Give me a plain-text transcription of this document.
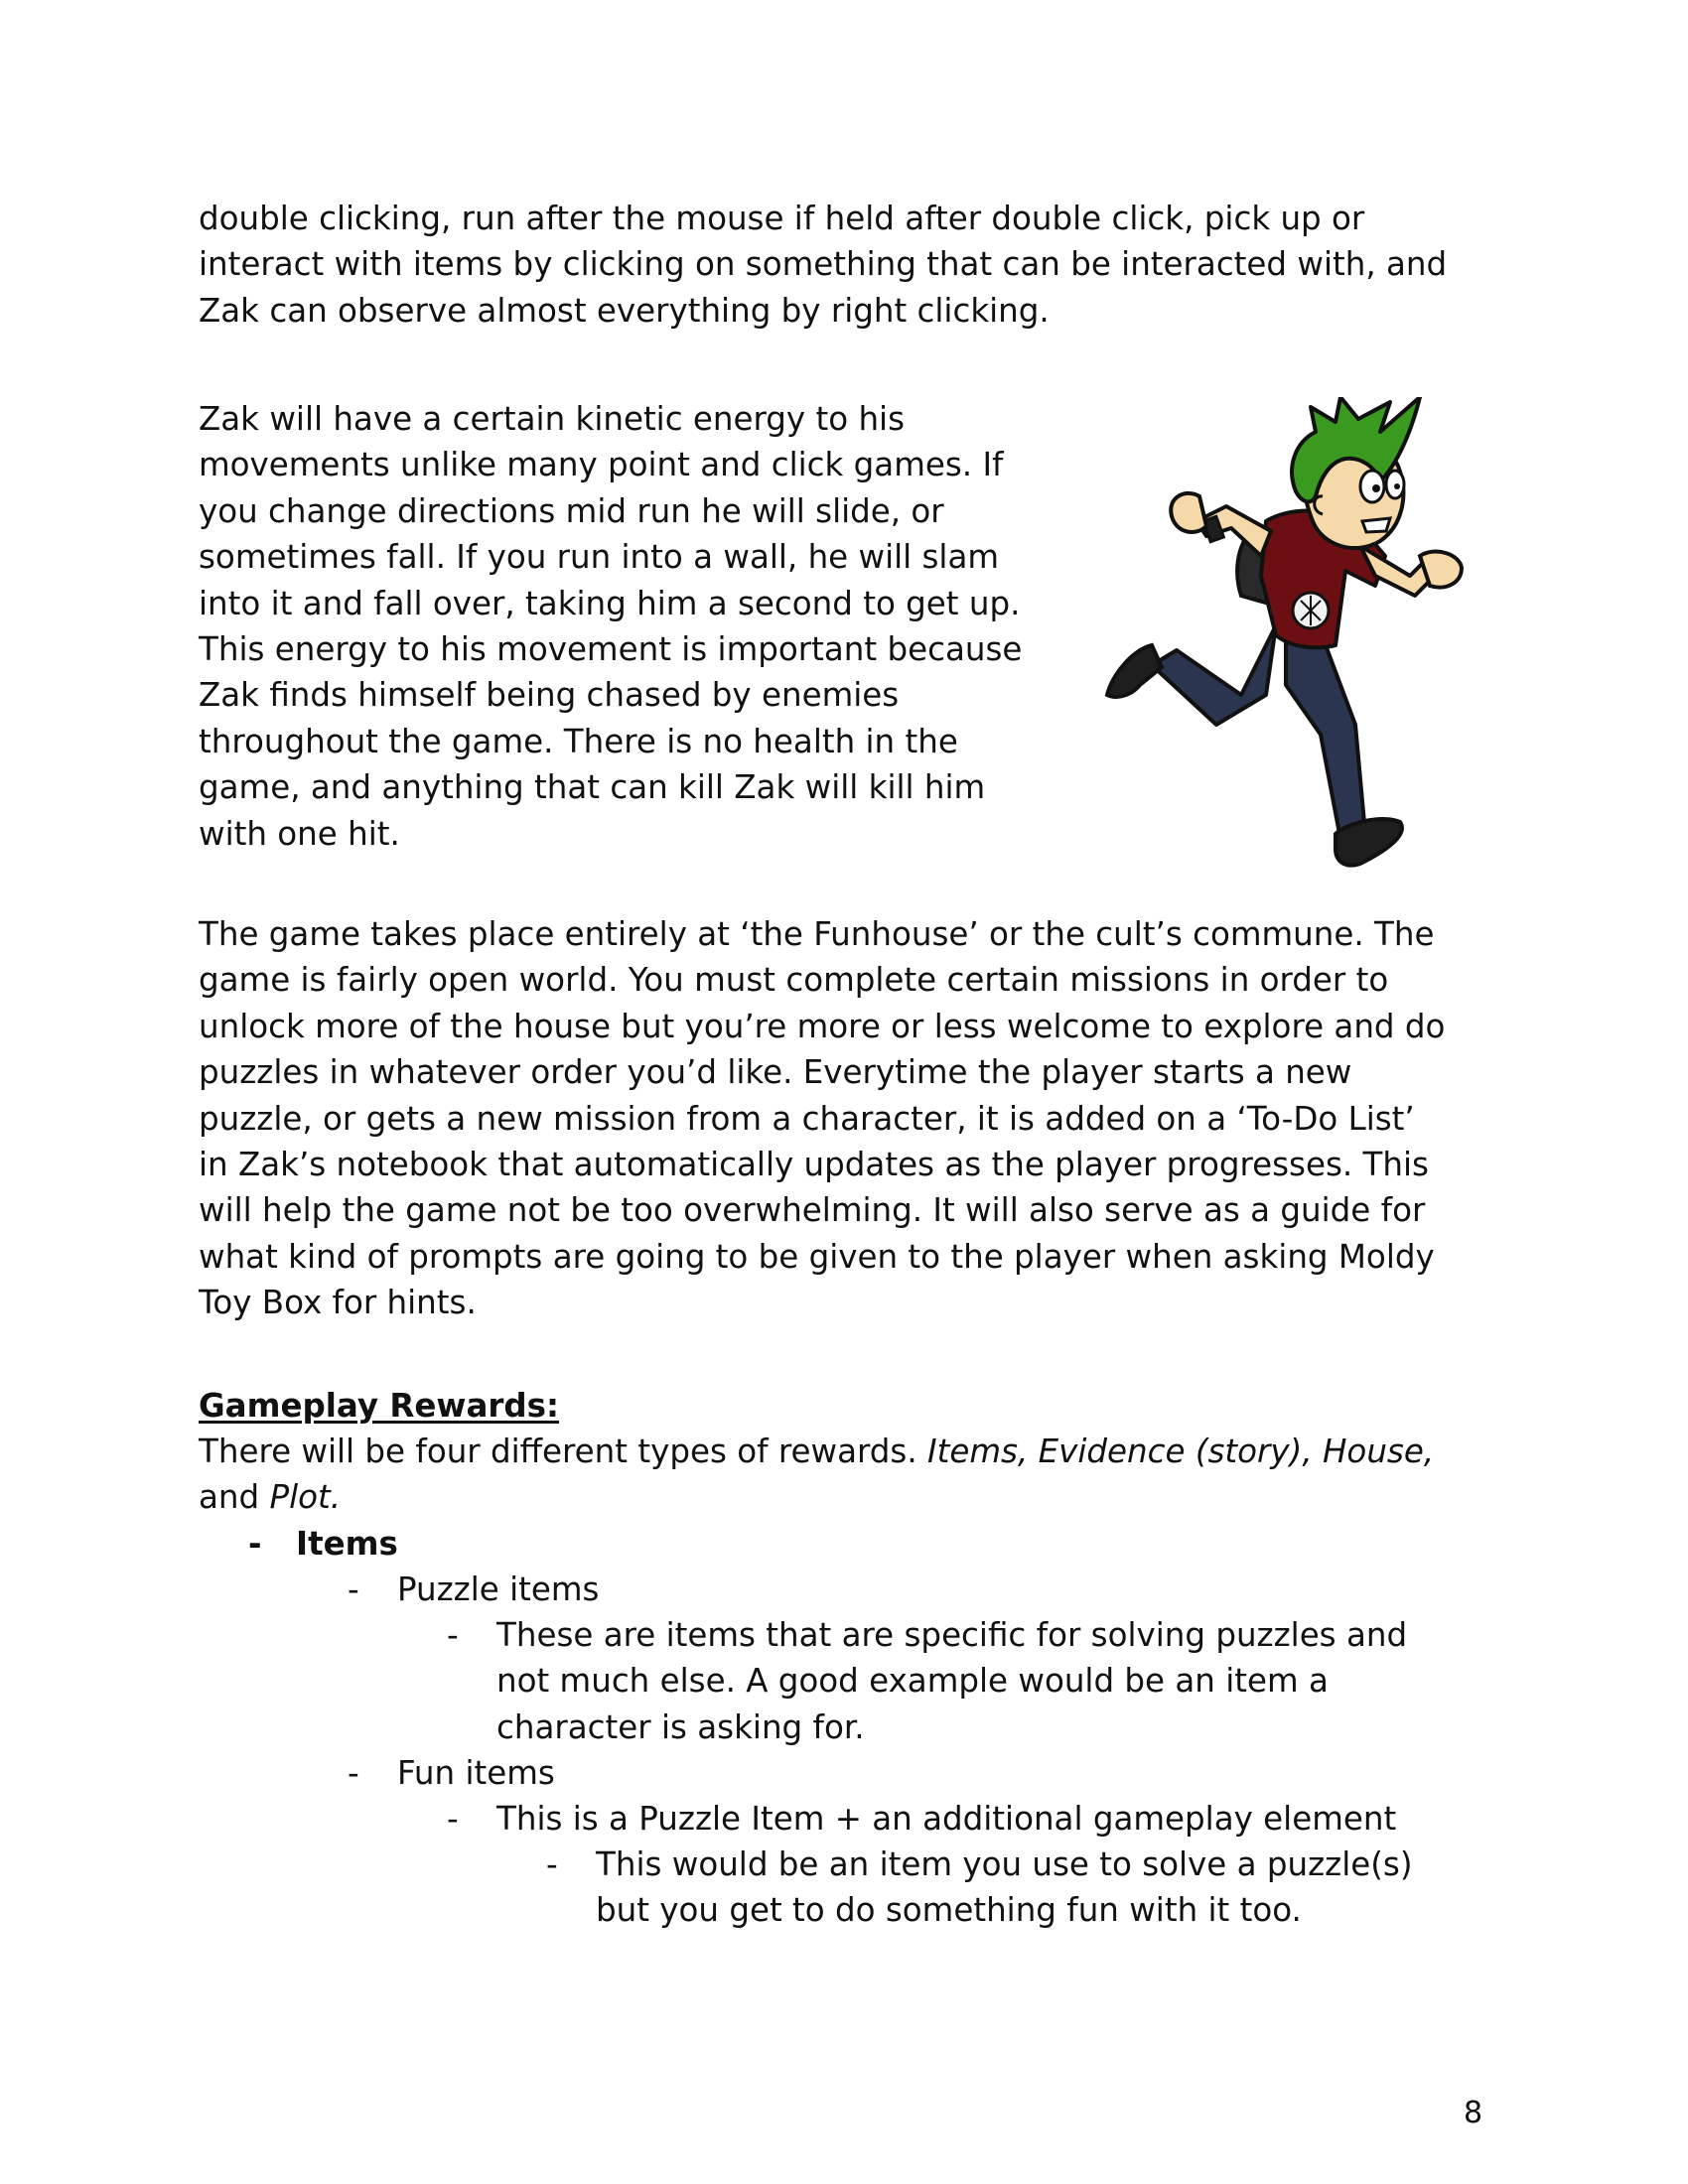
double clicking, run after the mouse if held after double click, pick up or
interact with items by clicking on something that can be interacted with, and
Zak can observe almost everything by right clicking.
Zak will have a certain kinetic energy to his
movements unlike many point and click games. If
you change directions mid run he will slide, or
sometimes fall. If you run into a wall, he will slam
into it and fall over, taking him a second to get up.
This energy to his movement is important because
Zak finds himself being chased by enemies
throughout the game. There is no health in the
game, and anything that can kill Zak will kill him
with one hit.
The game takes place entirely at ‘the Funhouse’ or the cult’s commune. The
game is fairly open world. You must complete certain missions in order to
unlock more of the house but you’re more or less welcome to explore and do
puzzles in whatever order you’d like. Everytime the player starts a new
puzzle, or gets a new mission from a character, it is added on a ‘To-Do List’
in Zak’s notebook that automatically updates as the player progresses. This
will help the game not be too overwhelming. It will also serve as a guide for
what kind of prompts are going to be given to the player when asking Moldy
Toy Box for hints.
Gameplay Rewards:
There will be four different types of rewards. Items, Evidence (story), House,
and Plot.
- Items
- Puzzle items
- These are items that are specific for solving puzzles and
not much else. A good example would be an item a
character is asking for.
- Fun items
- This is a Puzzle Item + an additional gameplay element
- This would be an item you use to solve a puzzle(s)
but you get to do something fun with it too.
8
